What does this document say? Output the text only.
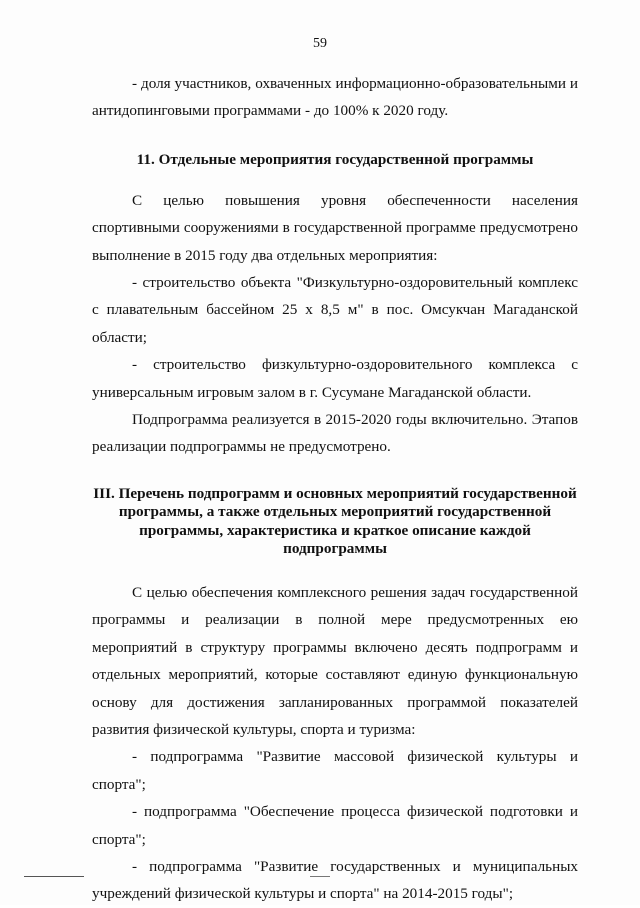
59

- доля участников, охваченных информационно-образовательными и антидопинговыми программами - до 100% к 2020 году.

11. Отдельные мероприятия государственной программы

С целью повышения уровня обеспеченности населения спортивными сооружениями в государственной программе предусмотрено выполнение в 2015 году два отдельных мероприятия:

- строительство объекта "Физкультурно-оздоровительный комплекс с плавательным бассейном 25 х 8,5 м" в пос. Омсукчан Магаданской области;

- строительство физкультурно-оздоровительного комплекса с универсальным игровым залом в г. Сусумане Магаданской области.

Подпрограмма реализуется в 2015-2020 годы включительно. Этапов реализации подпрограммы не предусмотрено.

III. Перечень подпрограмм и основных мероприятий государственной программы, а также отдельных мероприятий государственной программы, характеристика и краткое описание каждой подпрограммы

С целью обеспечения комплексного решения задач государственной программы и реализации в полной мере предусмотренных ею мероприятий в структуру программы включено десять подпрограмм и отдельных мероприятий, которые составляют единую функциональную основу для достижения запланированных программой показателей развития физической культуры, спорта и туризма:

- подпрограмма "Развитие массовой физической культуры и спорта";

- подпрограмма "Обеспечение процесса физической подготовки и спорта";

- подпрограмма "Развитие государственных и муниципальных учреждений физической культуры и спорта" на 2014-2015 годы";
